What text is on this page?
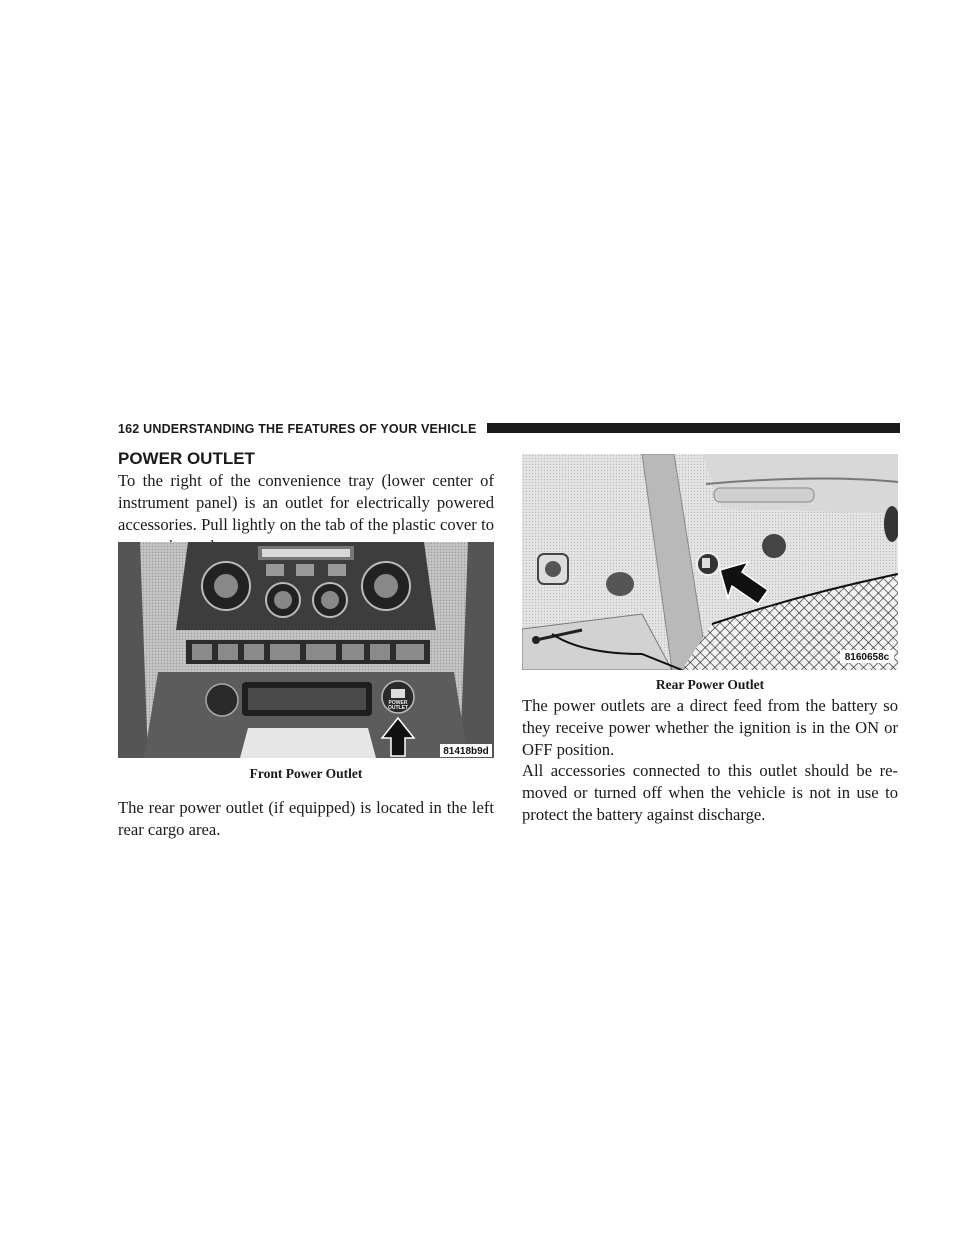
162 UNDERSTANDING THE FEATURES OF YOUR VEHICLE
POWER OUTLET

To the right of the convenience tray (lower center of instrument panel) is an outlet for electrically powered accessories. Pull lightly on the tab of the plastic cover to

POWER
OUTLET
81418b9d

Front Power Outlet

The rear power outlet (if equipped) is located in the left rear cargo area.

8160658c

Rear Power Outlet

The power outlets are a direct feed from the battery so they receive power whether the ignition is in the ON or OFF position.

All accessories connected to this outlet should be re-moved or turned off when the vehicle is not in use to protect the battery against discharge.
